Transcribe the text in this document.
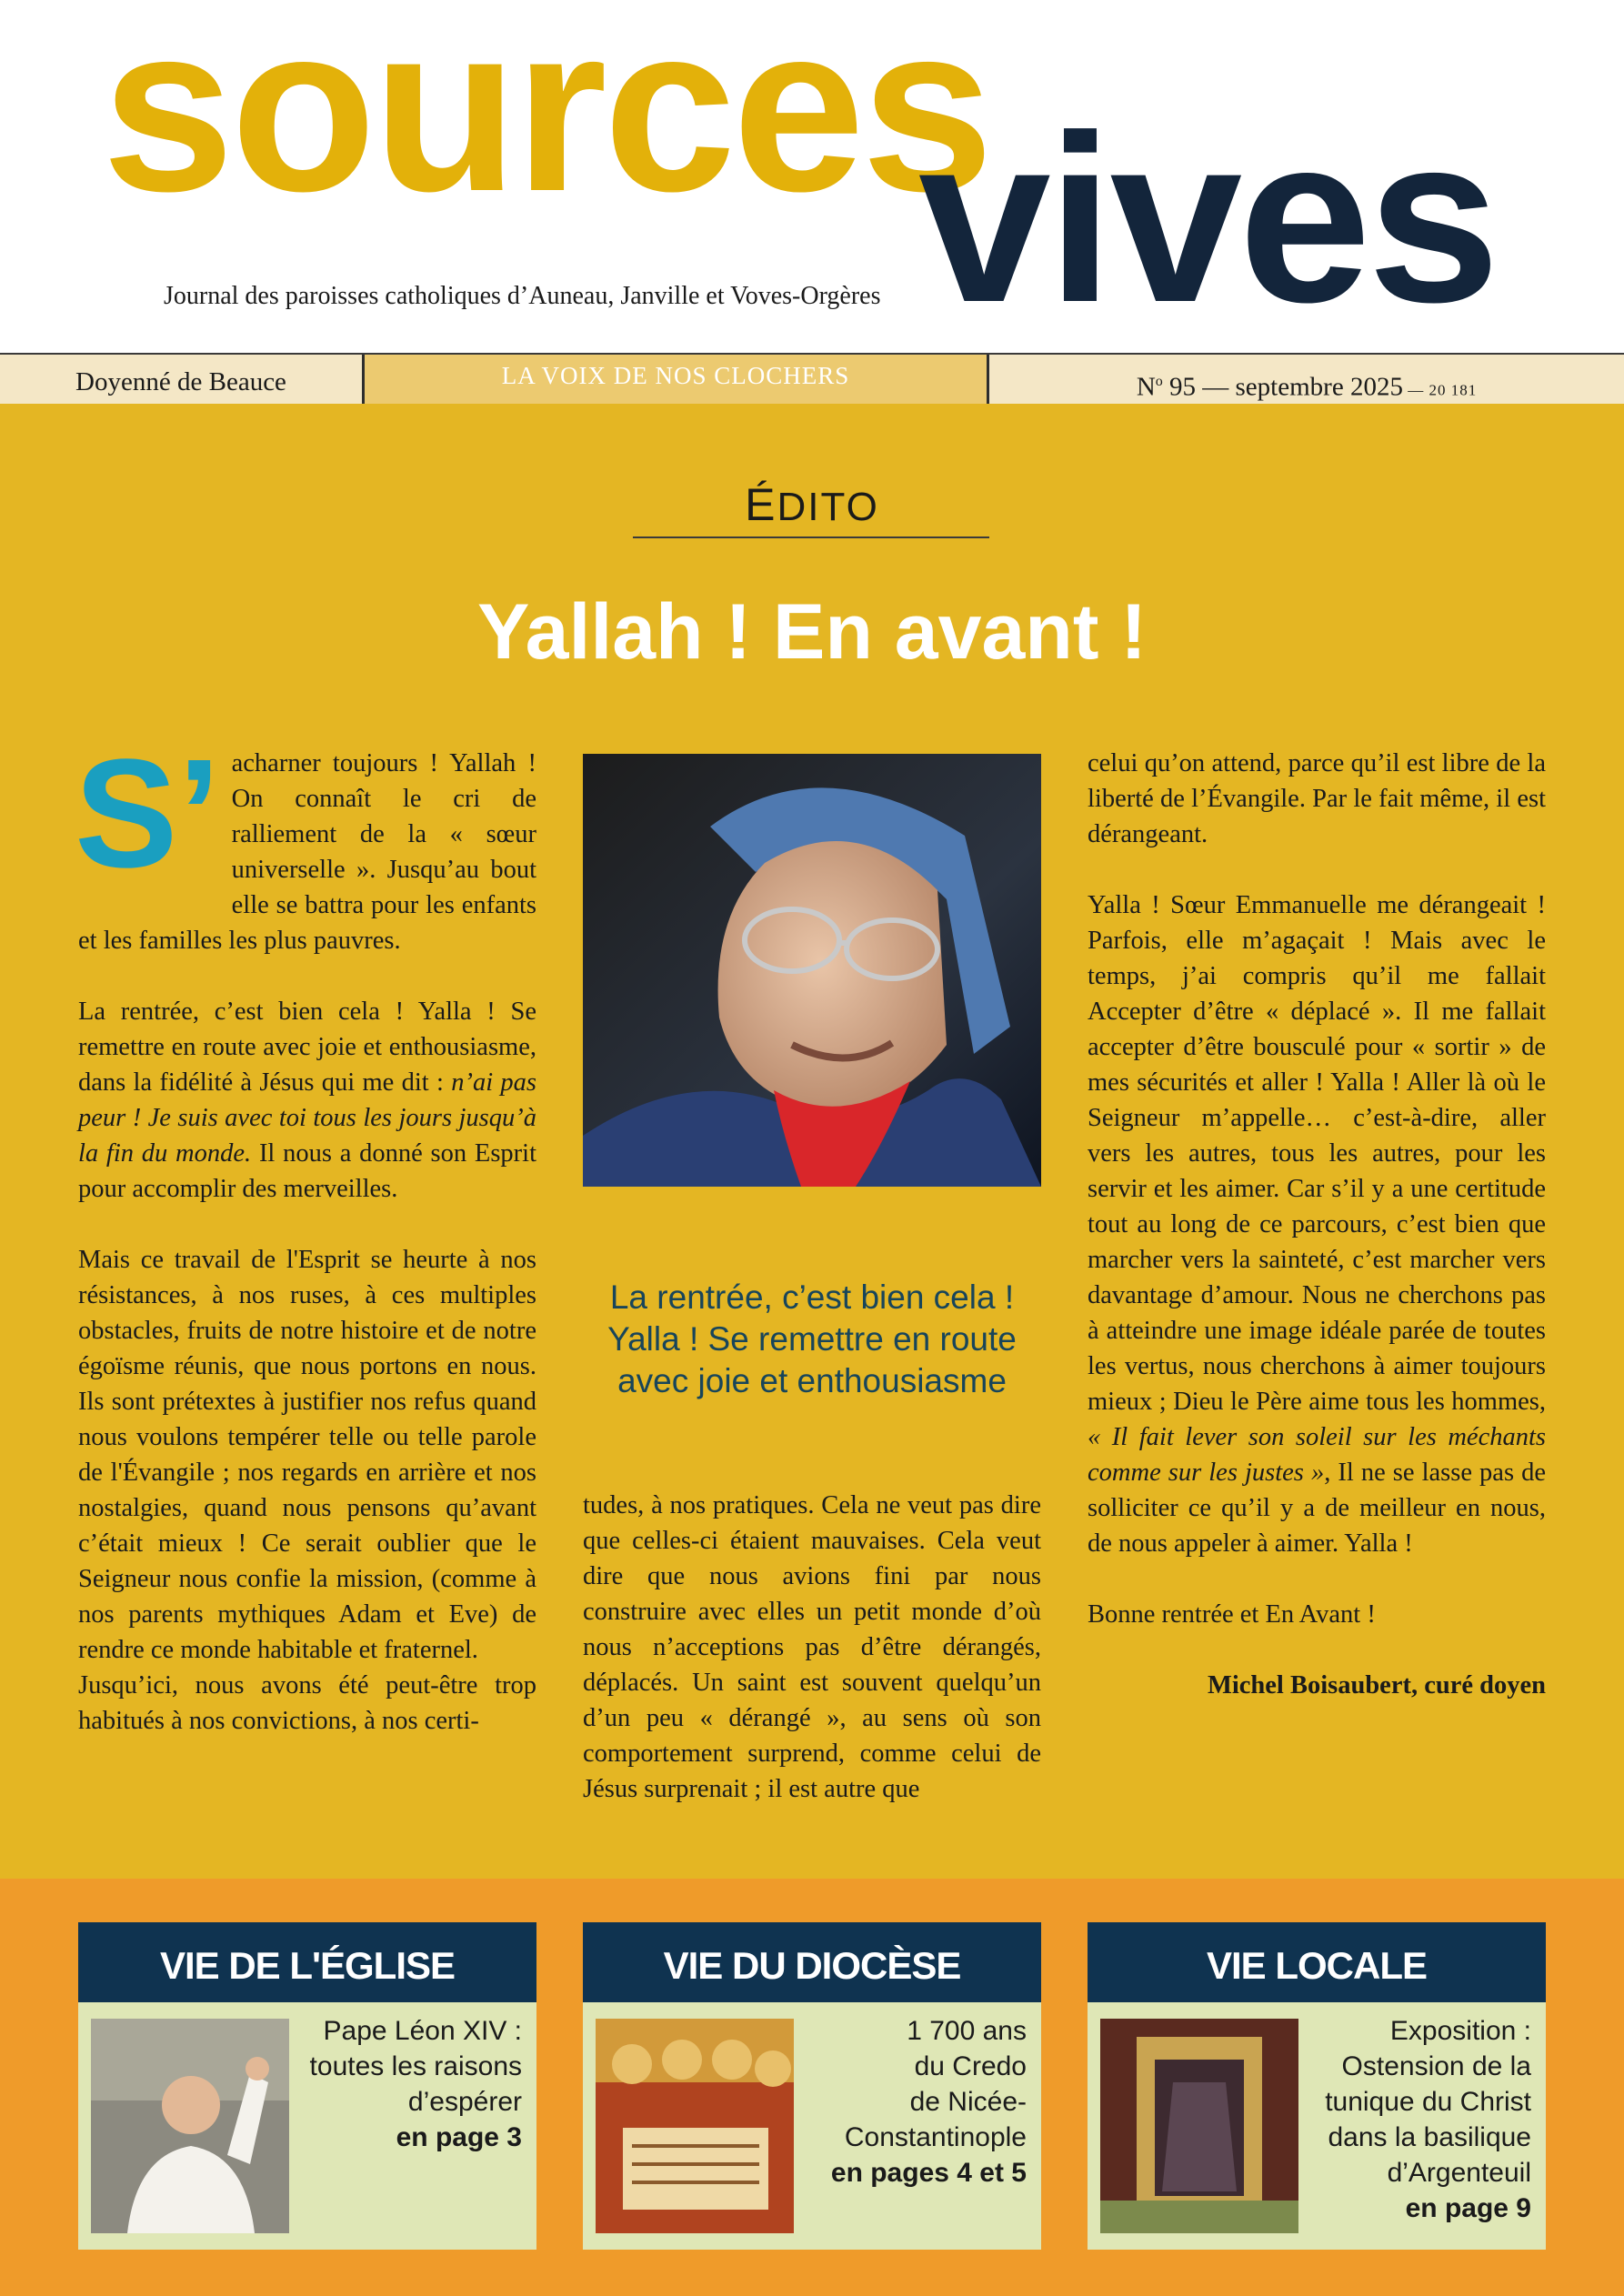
sources
vives
Journal des paroisses catholiques d’Auneau, Janville et Voves-Orgères
Doyenné de Beauce	LA VOIX DE NOS CLOCHERS	$N^o$ 95 — septembre 2025 — 20 181
ÉDITO
Yallah ! En avant !

S’ acharner toujours ! Yallah ! On connaît le cri de ralliement de la « sœur universelle ». Jusqu’au bout elle se battra pour les enfants et les familles les plus pauvres.

La rentrée, c’est bien cela ! Yalla ! Se remettre en route avec joie et enthousiasme, dans la fidélité à Jésus qui me dit : n’ai pas peur ! Je suis avec toi tous les jours jusqu’à la fin du monde. Il nous a donné son Esprit pour accomplir des merveilles.

Mais ce travail de l'Esprit se heurte à nos résistances, à nos ruses, à ces multiples obstacles, fruits de notre histoire et de notre égoïsme réunis, que nous portons en nous. Ils sont prétextes à justifier nos refus quand nous voulons tempérer telle ou telle parole de l'Évangile ; nos regards en arrière et nos nostalgies, quand nous pensons qu’avant c’était mieux ! Ce serait oublier que le Seigneur nous confie la mission, (comme à nos parents mythiques Adam et Eve) de rendre ce monde habitable et fraternel.

Jusqu’ici, nous avons été peut-être trop habitués à nos convictions, à nos certi-

La rentrée, c’est bien cela ! Yalla ! Se remettre en route avec joie et enthousiasme

tudes, à nos pratiques. Cela ne veut pas dire que celles-ci étaient mauvaises. Cela veut dire que nous avions fini par nous construire avec elles un petit monde d’où nous n’acceptions pas d’être dérangés, déplacés. Un saint est souvent quelqu’un d’un peu « dérangé », au sens où son comportement surprend, comme celui de Jésus surprenait ; il est autre que

celui qu’on attend, parce qu’il est libre de la liberté de l’Évangile. Par le fait même, il est dérangeant.

Yalla ! Sœur Emmanuelle me dérangeait ! Parfois, elle m’agaçait ! Mais avec le temps, j’ai compris qu’il me fallait Accepter d’être « déplacé ». Il me fallait accepter d’être bousculé pour « sortir » de mes sécurités et aller ! Yalla ! Aller là où le Seigneur m’appelle… c’est-à-dire, aller vers les autres, tous les autres, pour les servir et les aimer. Car s’il y a une certitude tout au long de ce parcours, c’est bien que marcher vers la sainteté, c’est marcher vers davantage d’amour. Nous ne cherchons pas à atteindre une image idéale parée de toutes les vertus, nous cherchons à aimer toujours mieux ; Dieu le Père aime tous les hommes, « Il fait lever son soleil sur les méchants comme sur les justes », Il ne se lasse pas de solliciter ce qu’il y a de meilleur en nous, de nous appeler à aimer. Yalla !

Bonne rentrée et En Avant !

Michel Boisaubert, curé doyen

VIE DE L'ÉGLISE
Pape Léon XIV :
toutes les raisons
d’espérer
en page 3
VIE DU DIOCÈSE
1 700 ans
du Credo
de Nicée-
Constantinople
en pages 4 et 5
VIE LOCALE
Exposition :
Ostension de la
tunique du Christ
dans la basilique
d’Argenteuil
en page 9
